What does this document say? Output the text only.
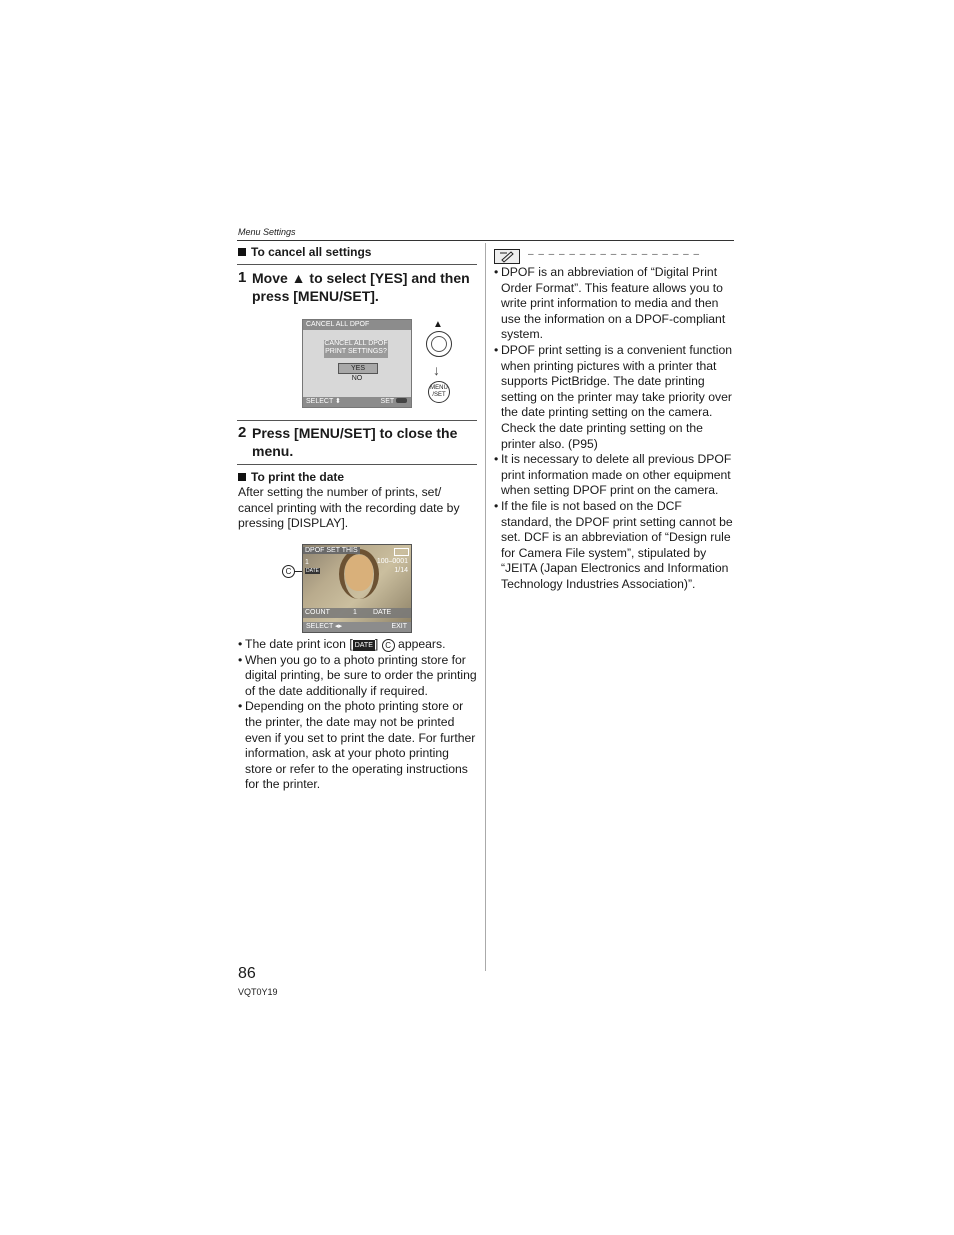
Menu Settings
To cancel all settings
1 Move ▲ to select [YES] and then press [MENU/SET].
CANCEL ALL DPOF
CANCEL ALL DPOF
PRINT SETTINGS?
YES
NO
SELECT ⬍	SET
▲
↓
MENU
/SET
2 Press [MENU/SET] to close the menu.
To print the date
After setting the number of prints, set/ cancel printing with the recording date by pressing [DISPLAY].
C
DPOF SET THIS
1
DATE
100–0001
1/14
COUNT	1 DATE
SELECT ◂▸	EXIT
• The date print icon [ DATE ] C appears.
• When you go to a photo printing store for digital printing, be sure to order the printing of the date additionally if required.
• Depending on the photo printing store or the printer, the date may not be printed even if you set to print the date. For further information, ask at your photo printing store or refer to the operating instructions for the printer.
– – – – – – – – – – – – – – – – –
• DPOF is an abbreviation of “Digital Print Order Format”. This feature allows you to write print information to media and then use the information on a DPOF-compliant system.
• DPOF print setting is a convenient function when printing pictures with a printer that supports PictBridge. The date printing setting on the printer may take priority over the date printing setting on the camera. Check the date printing setting on the printer also. (P95)
• It is necessary to delete all previous DPOF print information made on other equipment when setting DPOF print on the camera.
• If the file is not based on the DCF standard, the DPOF print setting cannot be set. DCF is an abbreviation of “Design rule for Camera File system”, stipulated by “JEITA (Japan Electronics and Information Technology Industries Association)”.
86
VQT0Y19
